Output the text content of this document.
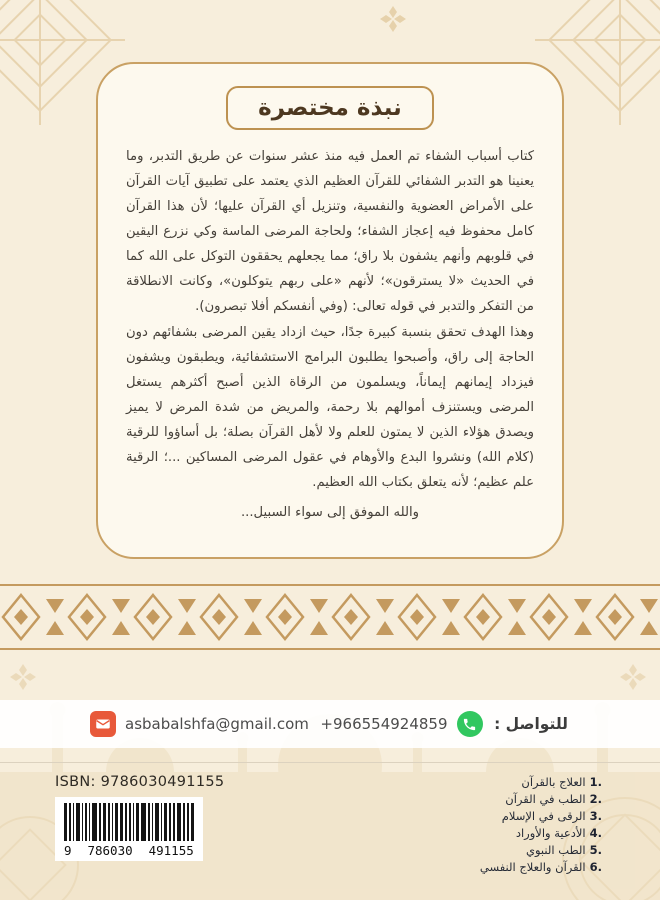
نبذة مختصرة

كتاب أسباب الشفاء تم العمل فيه منذ عشر سنوات عن طريق التدبر، وما يعنينا هو التدبر الشفائي للقرآن العظيم الذي يعتمد على تطبيق آيات القرآن على الأمراض العضوية والنفسية، وتنزيل أي القرآن عليها؛ لأن هذا القرآن كامل محفوظ فيه إعجاز الشفاء؛ ولحاجة المرضى الماسة وكي نزرع اليقين في قلوبهم وأنهم يشفون بلا راق؛ مما يجعلهم يحققون التوكل على الله كما في الحديث «لا يسترقون»؛ لأنهم «على ربهم يتوكلون»، وكانت الانطلاقة من التفكر والتدبر في قوله تعالى: (وفي أنفسكم أفلا تبصرون).

وهذا الهدف تحقق بنسبة كبيرة جدًا، حيث ازداد يقين المرضى بشفائهم دون الحاجة إلى راق، وأصبحوا يطلبون البرامج الاستشفائية، ويطبقون ويشفون فيزداد إيمانهم إيماناً، ويسلمون من الرقاة الذين أصبح أكثرهم يستغل المرضى ويستنزف أموالهم بلا رحمة، والمريض من شدة المرض لا يميز ويصدق هؤلاء الذين لا يمتون للعلم ولا لأهل القرآن بصلة؛ بل أساؤوا للرقية (كلام الله) ونشروا البدع والأوهام في عقول المرضى المساكين ...؛ الرقية علم عظيم؛ لأنه يتعلق بكتاب الله العظيم.

والله الموفق إلى سواء السبيل...

asbabalshfa@gmail.com +966554924859	للتواصل :
ISBN: 9786030491155
9 786030 491155
1.العلاج بالقرآن
2.الطب في القرآن
3.الرقى في الإسلام
4.الأدعية والأوراد
5.الطب النبوي
6.القرآن والعلاج النفسي
